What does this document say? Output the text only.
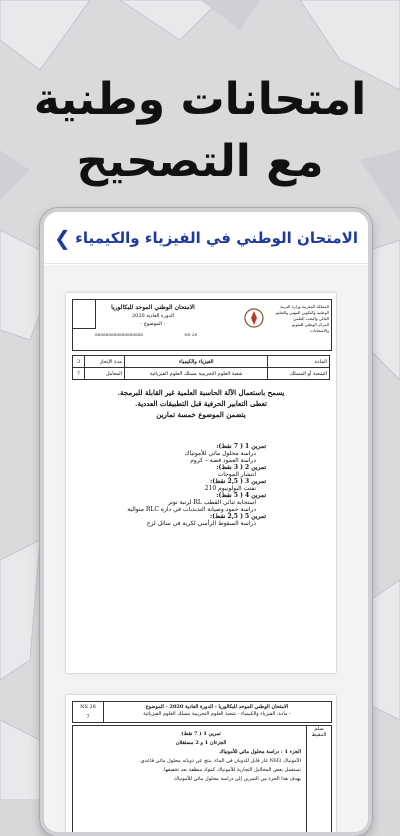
امتحانات وطنية
مع التصحيح
❮ الامتحان الوطني في الفيزياء والكيمياء
الامتحان الوطني الموحد للبكالوريا
الدورة العادية 2020
- الموضوع -
المملكة المغربية وزارة التربية الوطنية والتكوين المهني والتعليم العالي والبحث العلمي
المركز الوطني للتقويم والامتحانات
SSSSSSSSSSSSSSSSSS	NS 28
المادة	الفيزياء والكيمياء	مدة الإنجاز	3
الشعبة أو المسلك	شعبة العلوم التجريبية مسلك العلوم الفيزيائية	المعامل	7
يسمح باستعمال الآلة الحاسبة العلمية غير القابلة للبرمجة.
تعطى التعابير الحرفية قبل التطبيقات العددية.
يتضمن الموضوع خمسة تمارين
تمرين 1 ( 7 نقط):
دراسة محلول مائي للأمونياك
دراسة العمود فضة – كروم
تمرين 2 ( 3 نقط):
انتشار الموجات
تمرين 3 ( 2,5 نقط):
تفتت البولونيوم 210
تمرين 4 ( 5 نقط):
استجابة ثنائي القطب RL لرتبة توتر
دراسة خمود وصيانة التذبذبات في دارة RLC متوالية
تمرين 5 ( 2,5 نقط):
دراسة السقوط الرأسي لكرية في سائل لزج
NS 28
7
الامتحان الوطني الموحد للبكالوريا - الدورة العادية 2020 - الموضوع
- مادة: الفيزياء والكيمياء - شعبة العلوم التجريبية مسلك العلوم الفيزيائية
سلم التنقيط
تمرين 1 ( 7 نقط)
الجزءان 1 و 2 مستقلان
الجزء 1 : دراسة محلول مائي للأمونياك
الأمونياك NH3 غاز قابل للذوبان في الماء، ينتج عن ذوبانه محلول مائي قاعدي.
تستعمل بعض المحاليل التجارية للأمونياك كمواد منظفة بعد تخفيفها.
يهدف هذا الجزء من التمرين إلى دراسة محلول مائي للأمونياك
